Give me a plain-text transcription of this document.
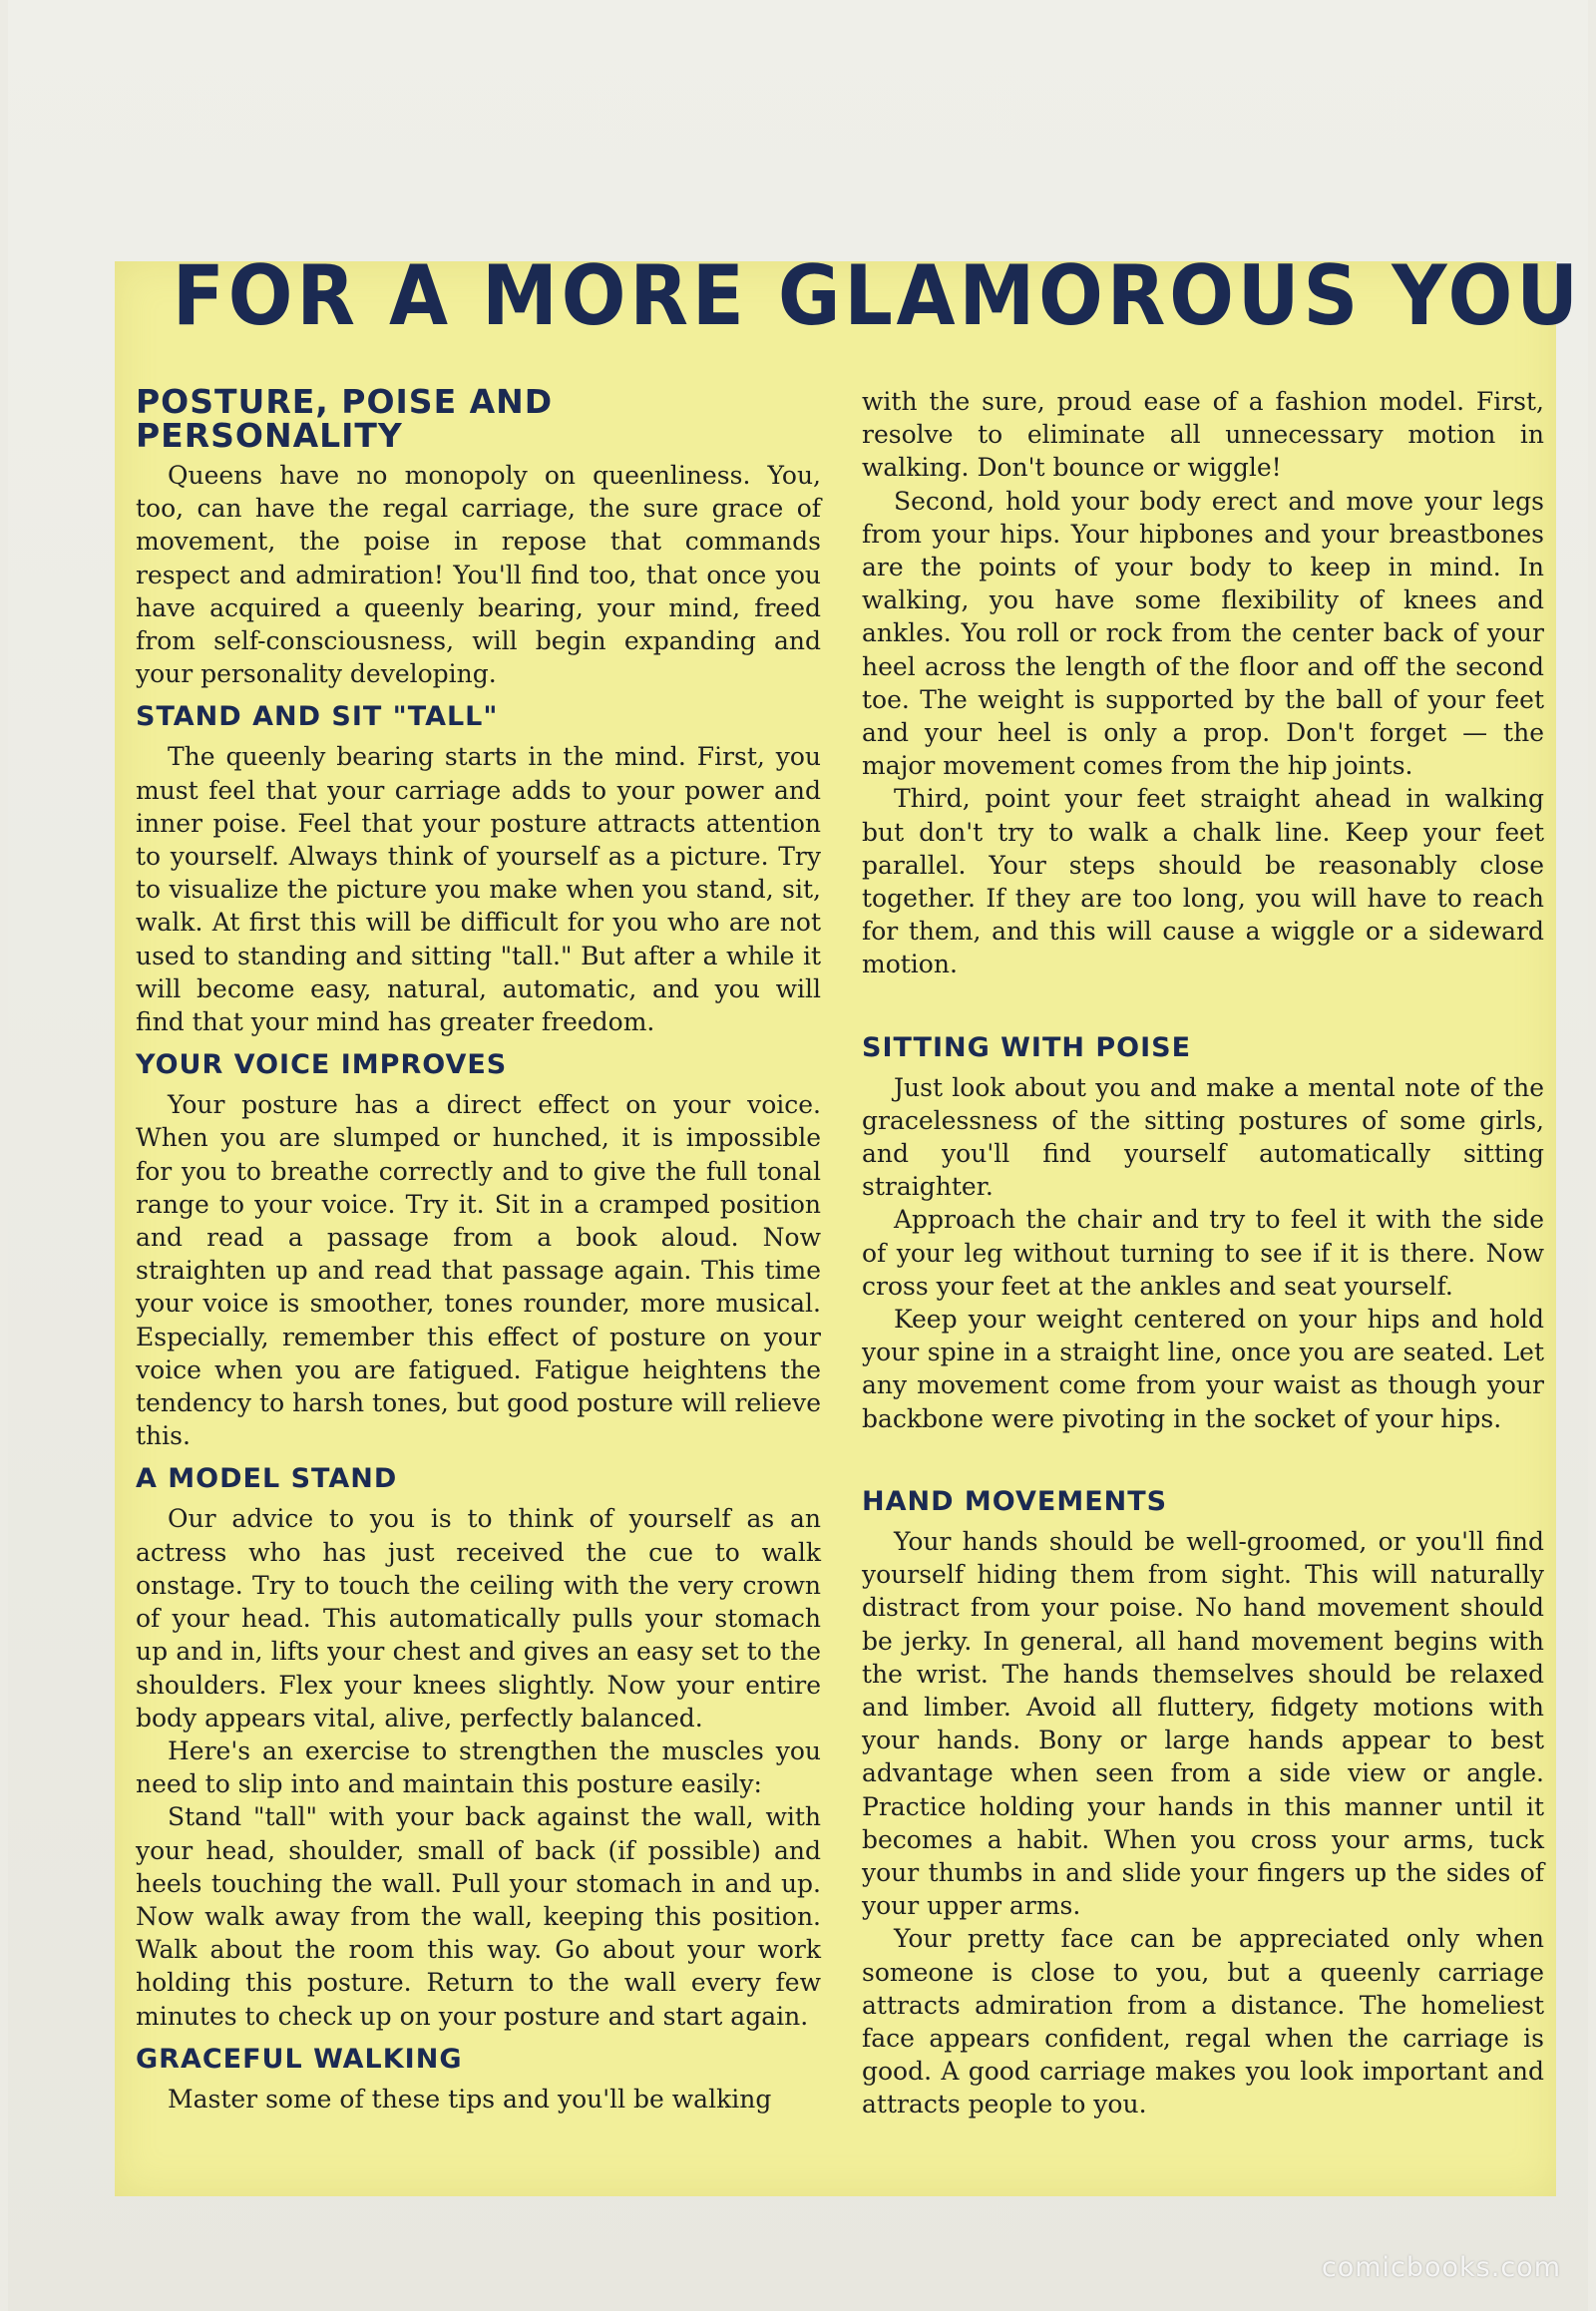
FOR A MORE GLAMOROUS YOU
POSTURE, POISE AND PERSONALITY

Queens have no monopoly on queenliness. You, too, can have the regal carriage, the sure grace of movement, the poise in repose that commands respect and admiration! You'll find too, that once you have acquired a queenly bearing, your mind, freed from self-consciousness, will begin expanding and your personality developing.

STAND AND SIT "TALL"

The queenly bearing starts in the mind. First, you must feel that your carriage adds to your power and inner poise. Feel that your posture attracts attention to yourself. Always think of yourself as a picture. Try to visualize the picture you make when you stand, sit, walk. At first this will be difficult for you who are not used to standing and sitting "tall." But after a while it will become easy, natural, automatic, and you will find that your mind has greater freedom.

YOUR VOICE IMPROVES

Your posture has a direct effect on your voice. When you are slumped or hunched, it is impossible for you to breathe correctly and to give the full tonal range to your voice. Try it. Sit in a cramped position and read a passage from a book aloud. Now straighten up and read that passage again. This time your voice is smoother, tones rounder, more musical. Especially, remember this effect of posture on your voice when you are fatigued. Fatigue heightens the tendency to harsh tones, but good posture will relieve this.

A MODEL STAND

Our advice to you is to think of yourself as an actress who has just received the cue to walk onstage. Try to touch the ceiling with the very crown of your head. This automatically pulls your stomach up and in, lifts your chest and gives an easy set to the shoulders. Flex your knees slightly. Now your entire body appears vital, alive, perfectly balanced.

Here's an exercise to strengthen the muscles you need to slip into and maintain this posture easily:

Stand "tall" with your back against the wall, with your head, shoulder, small of back (if possible) and heels touching the wall. Pull your stomach in and up. Now walk away from the wall, keeping this position. Walk about the room this way. Go about your work holding this posture. Return to the wall every few minutes to check up on your posture and start again.

GRACEFUL WALKING

Master some of these tips and you'll be walking

with the sure, proud ease of a fashion model. First, resolve to eliminate all unnecessary motion in walking. Don't bounce or wiggle!

Second, hold your body erect and move your legs from your hips. Your hipbones and your breastbones are the points of your body to keep in mind. In walking, you have some flexibility of knees and ankles. You roll or rock from the center back of your heel across the length of the floor and off the second toe. The weight is supported by the ball of your feet and your heel is only a prop. Don't forget — the major movement comes from the hip joints.

Third, point your feet straight ahead in walking but don't try to walk a chalk line. Keep your feet parallel. Your steps should be reasonably close together. If they are too long, you will have to reach for them, and this will cause a wiggle or a sideward motion.

SITTING WITH POISE

Just look about you and make a mental note of the gracelessness of the sitting postures of some girls, and you'll find yourself automatically sitting straighter.

Approach the chair and try to feel it with the side of your leg without turning to see if it is there. Now cross your feet at the ankles and seat yourself.

Keep your weight centered on your hips and hold your spine in a straight line, once you are seated. Let any movement come from your waist as though your backbone were pivoting in the socket of your hips.

HAND MOVEMENTS

Your hands should be well-groomed, or you'll find yourself hiding them from sight. This will naturally distract from your poise. No hand movement should be jerky. In general, all hand movement begins with the wrist. The hands themselves should be relaxed and limber. Avoid all fluttery, fidgety motions with your hands. Bony or large hands appear to best advantage when seen from a side view or angle. Practice holding your hands in this manner until it becomes a habit. When you cross your arms, tuck your thumbs in and slide your fingers up the sides of your upper arms.

Your pretty face can be appreciated only when someone is close to you, but a queenly carriage attracts admiration from a distance. The homeliest face appears confident, regal when the carriage is good. A good carriage makes you look important and attracts people to you.

comicbooks.com
